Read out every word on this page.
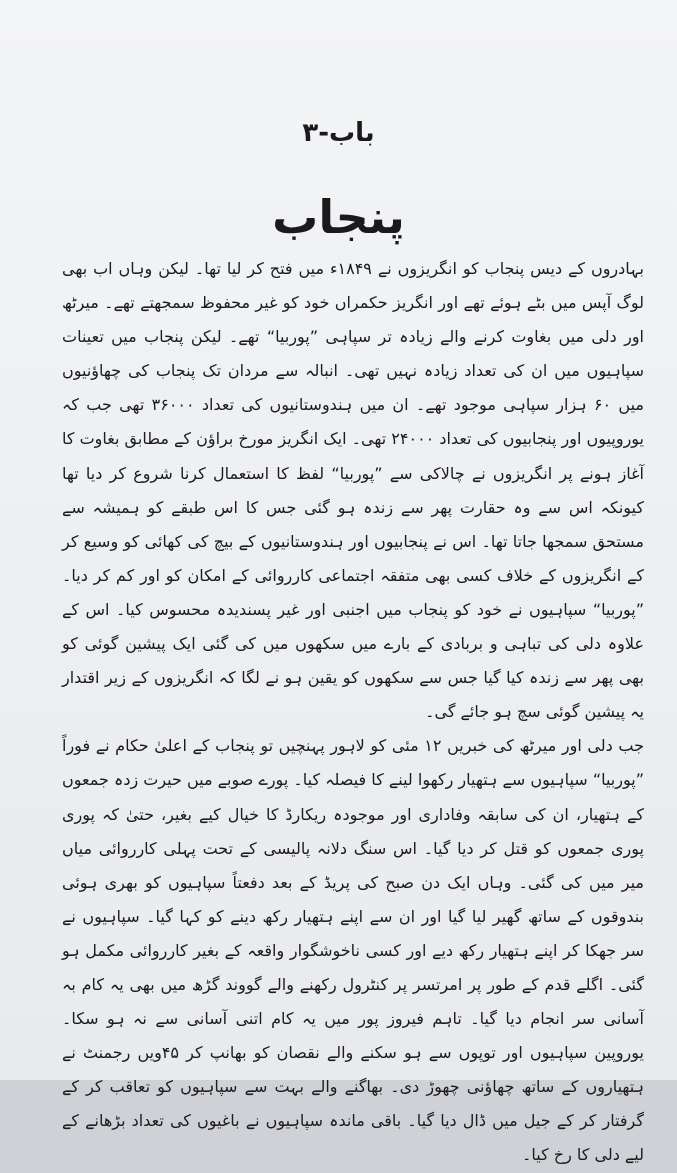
باب-۳
پنجاب

بہادروں کے دیس پنجاب کو انگریزوں نے ۱۸۴۹ء میں فتح کر لیا تھا۔ لیکن وہاں اب بھی لوگ آپس میں بٹے ہوئے تھے اور انگریز حکمراں خود کو غیر محفوظ سمجھتے تھے۔ میرٹھ اور دلی میں بغاوت کرنے والے زیادہ تر سپاہی ”پوربیا“ تھے۔ لیکن پنجاب میں تعینات سپاہیوں میں ان کی تعداد زیادہ نہیں تھی۔ انبالہ سے مردان تک پنجاب کی چھاؤنیوں میں ۶۰ ہزار سپاہی موجود تھے۔ ان میں ہندوستانیوں کی تعداد ۳۶۰۰۰ تھی جب کہ یوروپیوں اور پنجابیوں کی تعداد ۲۴۰۰۰ تھی۔ ایک انگریز مورخ براؤن کے مطابق بغاوت کا آغاز ہونے پر انگریزوں نے چالاکی سے ”پوربیا“ لفظ کا استعمال کرنا شروع کر دیا تھا کیونکہ اس سے وہ حقارت پھر سے زندہ ہو گئی جس کا اس طبقے کو ہمیشہ سے مستحق سمجھا جاتا تھا۔ اس نے پنجابیوں اور ہندوستانیوں کے بیچ کی کھائی کو وسیع کر کے انگریزوں کے خلاف کسی بھی متفقہ اجتماعی کارروائی کے امکان کو اور کم کر دیا۔ ”پوربیا“ سپاہیوں نے خود کو پنجاب میں اجنبی اور غیر پسندیدہ محسوس کیا۔ اس کے علاوہ دلی کی تباہی و بربادی کے بارے میں سکھوں میں کی گئی ایک پیشین گوئی کو بھی پھر سے زندہ کیا گیا جس سے سکھوں کو یقین ہو نے لگا کہ انگریزوں کے زیر اقتدار یہ پیشین گوئی سچ ہو جائے گی۔

جب دلی اور میرٹھ کی خبریں ۱۲ مئی کو لاہور پہنچیں تو پنجاب کے اعلیٰ حکام نے فوراً ”پوربیا“ سپاہیوں سے ہتھیار رکھوا لینے کا فیصلہ کیا۔ پورے صوبے میں حیرت زدہ جمعوں کے ہتھیار، ان کی سابقہ وفاداری اور موجودہ ریکارڈ کا خیال کیے بغیر، حتیٰ کہ پوری پوری جمعوں کو قتل کر دیا گیا۔ اس سنگ دلانہ پالیسی کے تحت پہلی کارروائی میاں میر میں کی گئی۔ وہاں ایک دن صبح کی پریڈ کے بعد دفعتاً سپاہیوں کو بھری ہوئی بندوقوں کے ساتھ گھیر لیا گیا اور ان سے اپنے ہتھیار رکھ دینے کو کہا گیا۔ سپاہیوں نے سر جھکا کر اپنے ہتھیار رکھ دیے اور کسی ناخوشگوار واقعہ کے بغیر کارروائی مکمل ہو گئی۔ اگلے قدم کے طور پر امرتسر پر کنٹرول رکھنے والے گووند گڑھ میں بھی یہ کام بہ آسانی سر انجام دیا گیا۔ تاہم فیروز پور میں یہ کام اتنی آسانی سے نہ ہو سکا۔ یوروپین سپاہیوں اور توپوں سے ہو سکنے والے نقصان کو بھانپ کر ۴۵ویں رجمنٹ نے ہتھیاروں کے ساتھ چھاؤنی چھوڑ دی۔ بھاگنے والے بہت سے سپاہیوں کو تعاقب کر کے گرفتار کر کے جیل میں ڈال دیا گیا۔ باقی ماندہ سپاہیوں نے باغیوں کی تعداد بڑھانے کے لیے دلی کا رخ کیا۔
